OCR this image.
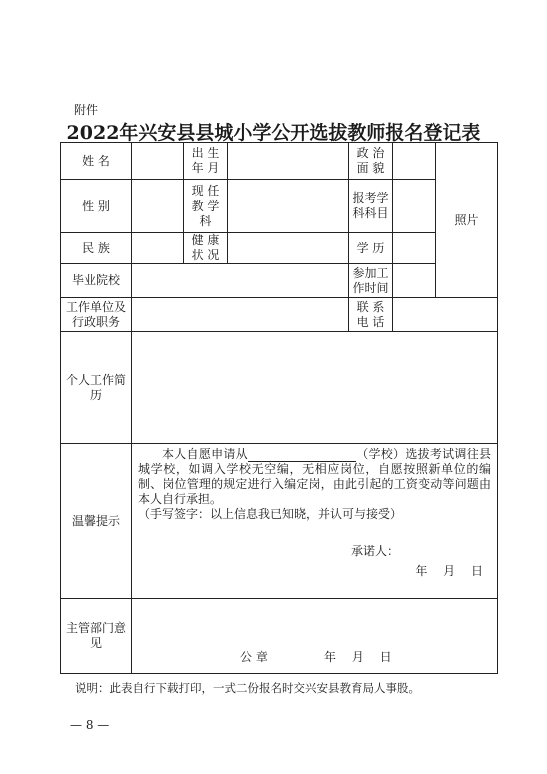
附件
2022年兴安县县城小学公开选拔教师报名登记表
姓 名		出 生 年 月		政 治 面 貌		照片
性 别		现 任 教 学 科		报考学科科目		
民 族		健 康 状 况		学 历		
毕业院校				参加工作时间		
工作单位及行政职务				联 系 电 话		
个人工作简历						
温馨提示	本人自愿申请从 （学校）选拔考试调往县城学校，如调入学校无空编，无相应岗位，自愿按照新单位的编制、岗位管理的规定进行入编定岗，由此引起的工资变动等问题由本人自行承担。

（手写签字：以上信息我已知晓，并认可与接受）

承诺人：
年 月 日					

主管部门意见	公 章 年 月 日					
说明：此表自行下载打印，一式二份报名时交兴安县教育局人事股。
— 8 —
